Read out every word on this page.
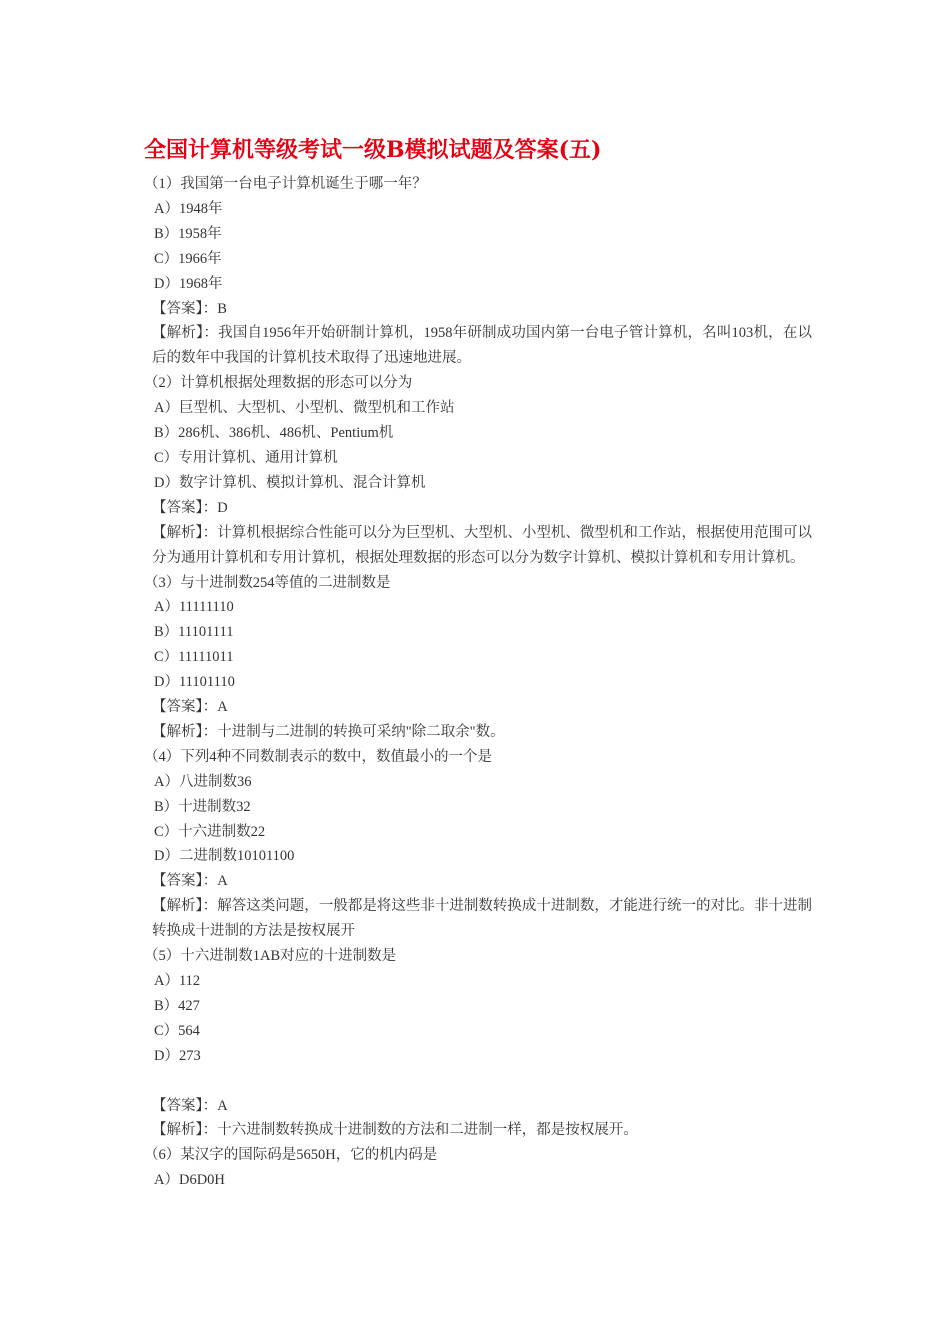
全国计算机等级考试一级B模拟试题及答案(五)
（1）我国第一台电子计算机诞生于哪一年？
A）1948年
B）1958年
C）1966年
D）1968年
【答案】：B
【解析】：我国自1956年开始研制计算机，1958年研制成功国内第一台电子管计算机，名叫103机，在以后的数年中我国的计算机技术取得了迅速地进展。
（2）计算机根据处理数据的形态可以分为
A）巨型机、大型机、小型机、微型机和工作站
B）286机、386机、486机、Pentium机
C）专用计算机、通用计算机
D）数字计算机、模拟计算机、混合计算机
【答案】：D
【解析】：计算机根据综合性能可以分为巨型机、大型机、小型机、微型机和工作站，根据使用范围可以分为通用计算机和专用计算机，根据处理数据的形态可以分为数字计算机、模拟计算机和专用计算机。
（3）与十进制数254等值的二进制数是
A）11111110
B）11101111
C）11111011
D）11101110
【答案】：A
【解析】：十进制与二进制的转换可采纳"除二取余"数。
（4）下列4种不同数制表示的数中，数值最小的一个是
A）八进制数36
B）十进制数32
C）十六进制数22
D）二进制数10101100
【答案】：A
【解析】：解答这类问题，一般都是将这些非十进制数转换成十进制数，才能进行统一的对比。非十进制转换成十进制的方法是按权展开
（5）十六进制数1AB对应的十进制数是
A）112
B）427
C）564
D）273
【答案】：A
【解析】：十六进制数转换成十进制数的方法和二进制一样，都是按权展开。
（6）某汉字的国际码是5650H，它的机内码是
A）D6D0H
